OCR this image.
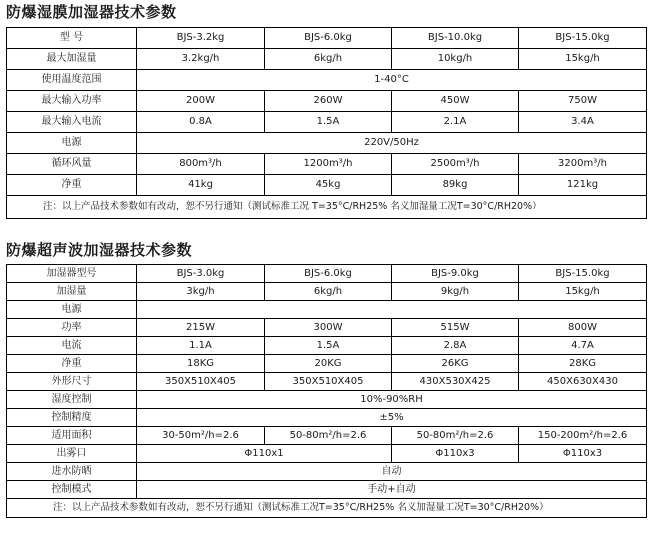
防爆湿膜加湿器技术参数
型 号	BJS-3.2kg	BJS-6.0kg	BJS-10.0kg	BJS-15.0kg
最大加湿量	3.2kg/h	6kg/h	10kg/h	15kg/h
使用温度范围	1-40°C			
最大输入功率	200W	260W	450W	750W
最大输入电流	0.8A	1.5A	2.1A	3.4A
电源	220V/50Hz			
循环风量	800m³/h	1200m³/h	2500m³/h	3200m³/h
净重	41kg	45kg	89kg	121kg
注：以上产品技术参数如有改动，恕不另行通知（测试标准工况 T=35°C/RH25% 名义加湿量工况T=30°C/RH20%）				
防爆超声波加湿器技术参数
加湿器型号	BJS-3.0kg	BJS-6.0kg	BJS-9.0kg	BJS-15.0kg
加湿量	3kg/h	6kg/h	9kg/h	15kg/h
电源				
功率	215W	300W	515W	800W
电流	1.1A	1.5A	2.8A	4.7A
净重	18KG	20KG	26KG	28KG
外形尺寸	350X510X405	350X510X405	430X530X425	450X630X430
湿度控制	10%-90%RH			
控制精度	±5%			
适用面积	30-50m²/h=2.6	50-80m²/h=2.6	50-80m²/h=2.6	150-200m²/h=2.6
出雾口	Φ110x1		Φ110x3	Φ110x3
进水防晒	自动			
控制模式	手动+自动			
注：以上产品技术参数如有改动，恕不另行通知（测试标准工况T=35°C/RH25% 名义加湿量工况T=30°C/RH20%）				
